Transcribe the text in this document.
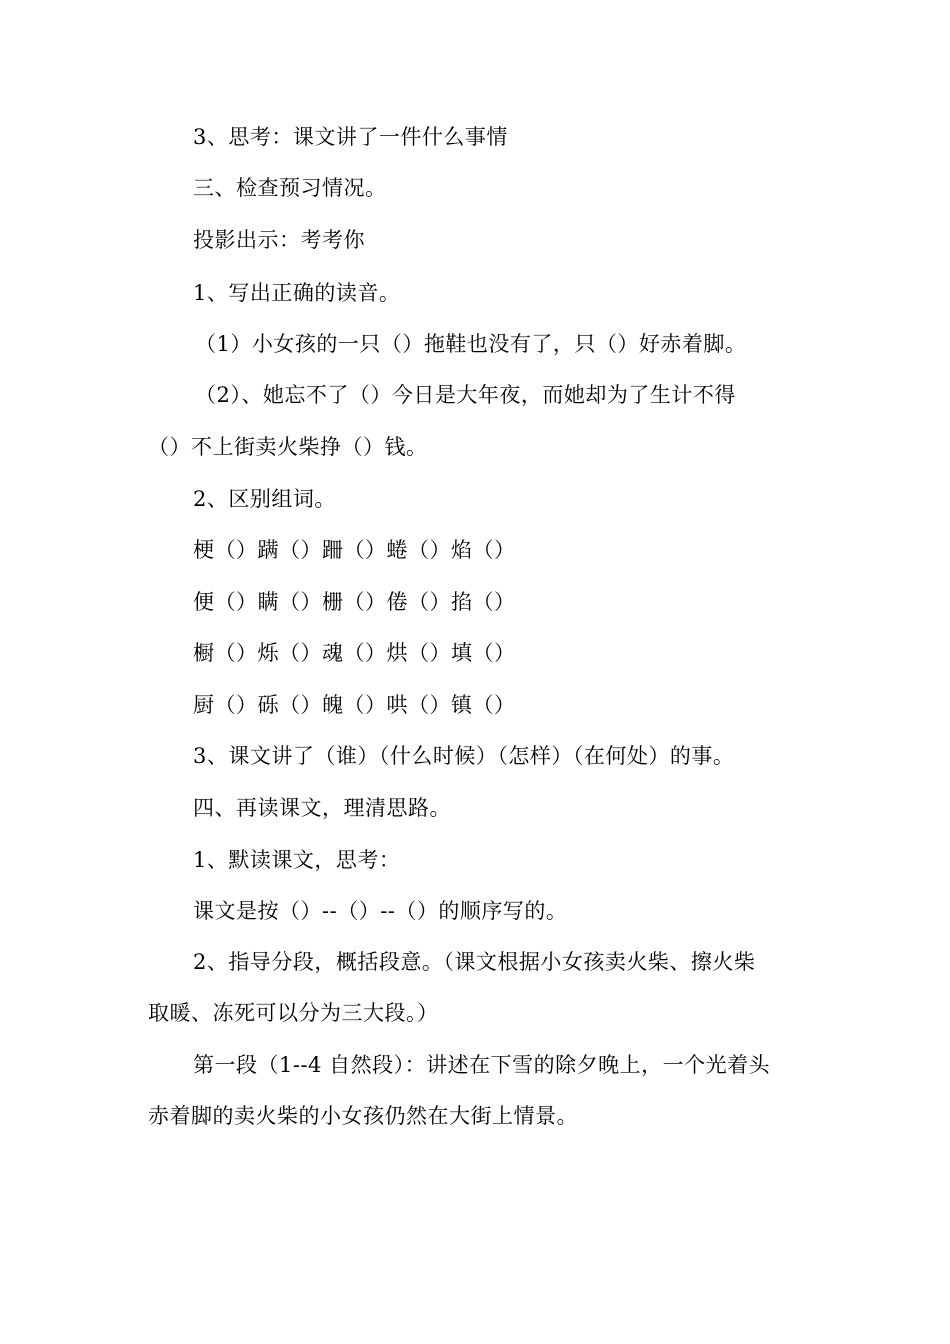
3、思考：课文讲了一件什么事情
三、检查预习情况。
投影出示：考考你
1、写出正确的读音。
（1）小女孩的一只（）拖鞋也没有了，只（）好赤着脚。
（2）、她忘不了（）今日是大年夜，而她却为了生计不得
（）不上街卖火柴挣（）钱。
2、区别组词。
梗（）蹒（）跚（）蜷（）焰（）
便（）瞒（）栅（）倦（）掐（）
橱（）烁（）魂（）烘（）填（）
厨（）砾（）魄（）哄（）镇（）
3、课文讲了（谁）（什么时候）（怎样）（在何处）的事。
四、再读课文，理清思路。
1、默读课文，思考：
课文是按（）--（）--（）的顺序写的。
2、指导分段，概括段意。（课文根据小女孩卖火柴、擦火柴
取暖、冻死可以分为三大段。）
第一段（1--4 自然段）：讲述在下雪的除夕晚上，一个光着头
赤着脚的卖火柴的小女孩仍然在大街上情景。
